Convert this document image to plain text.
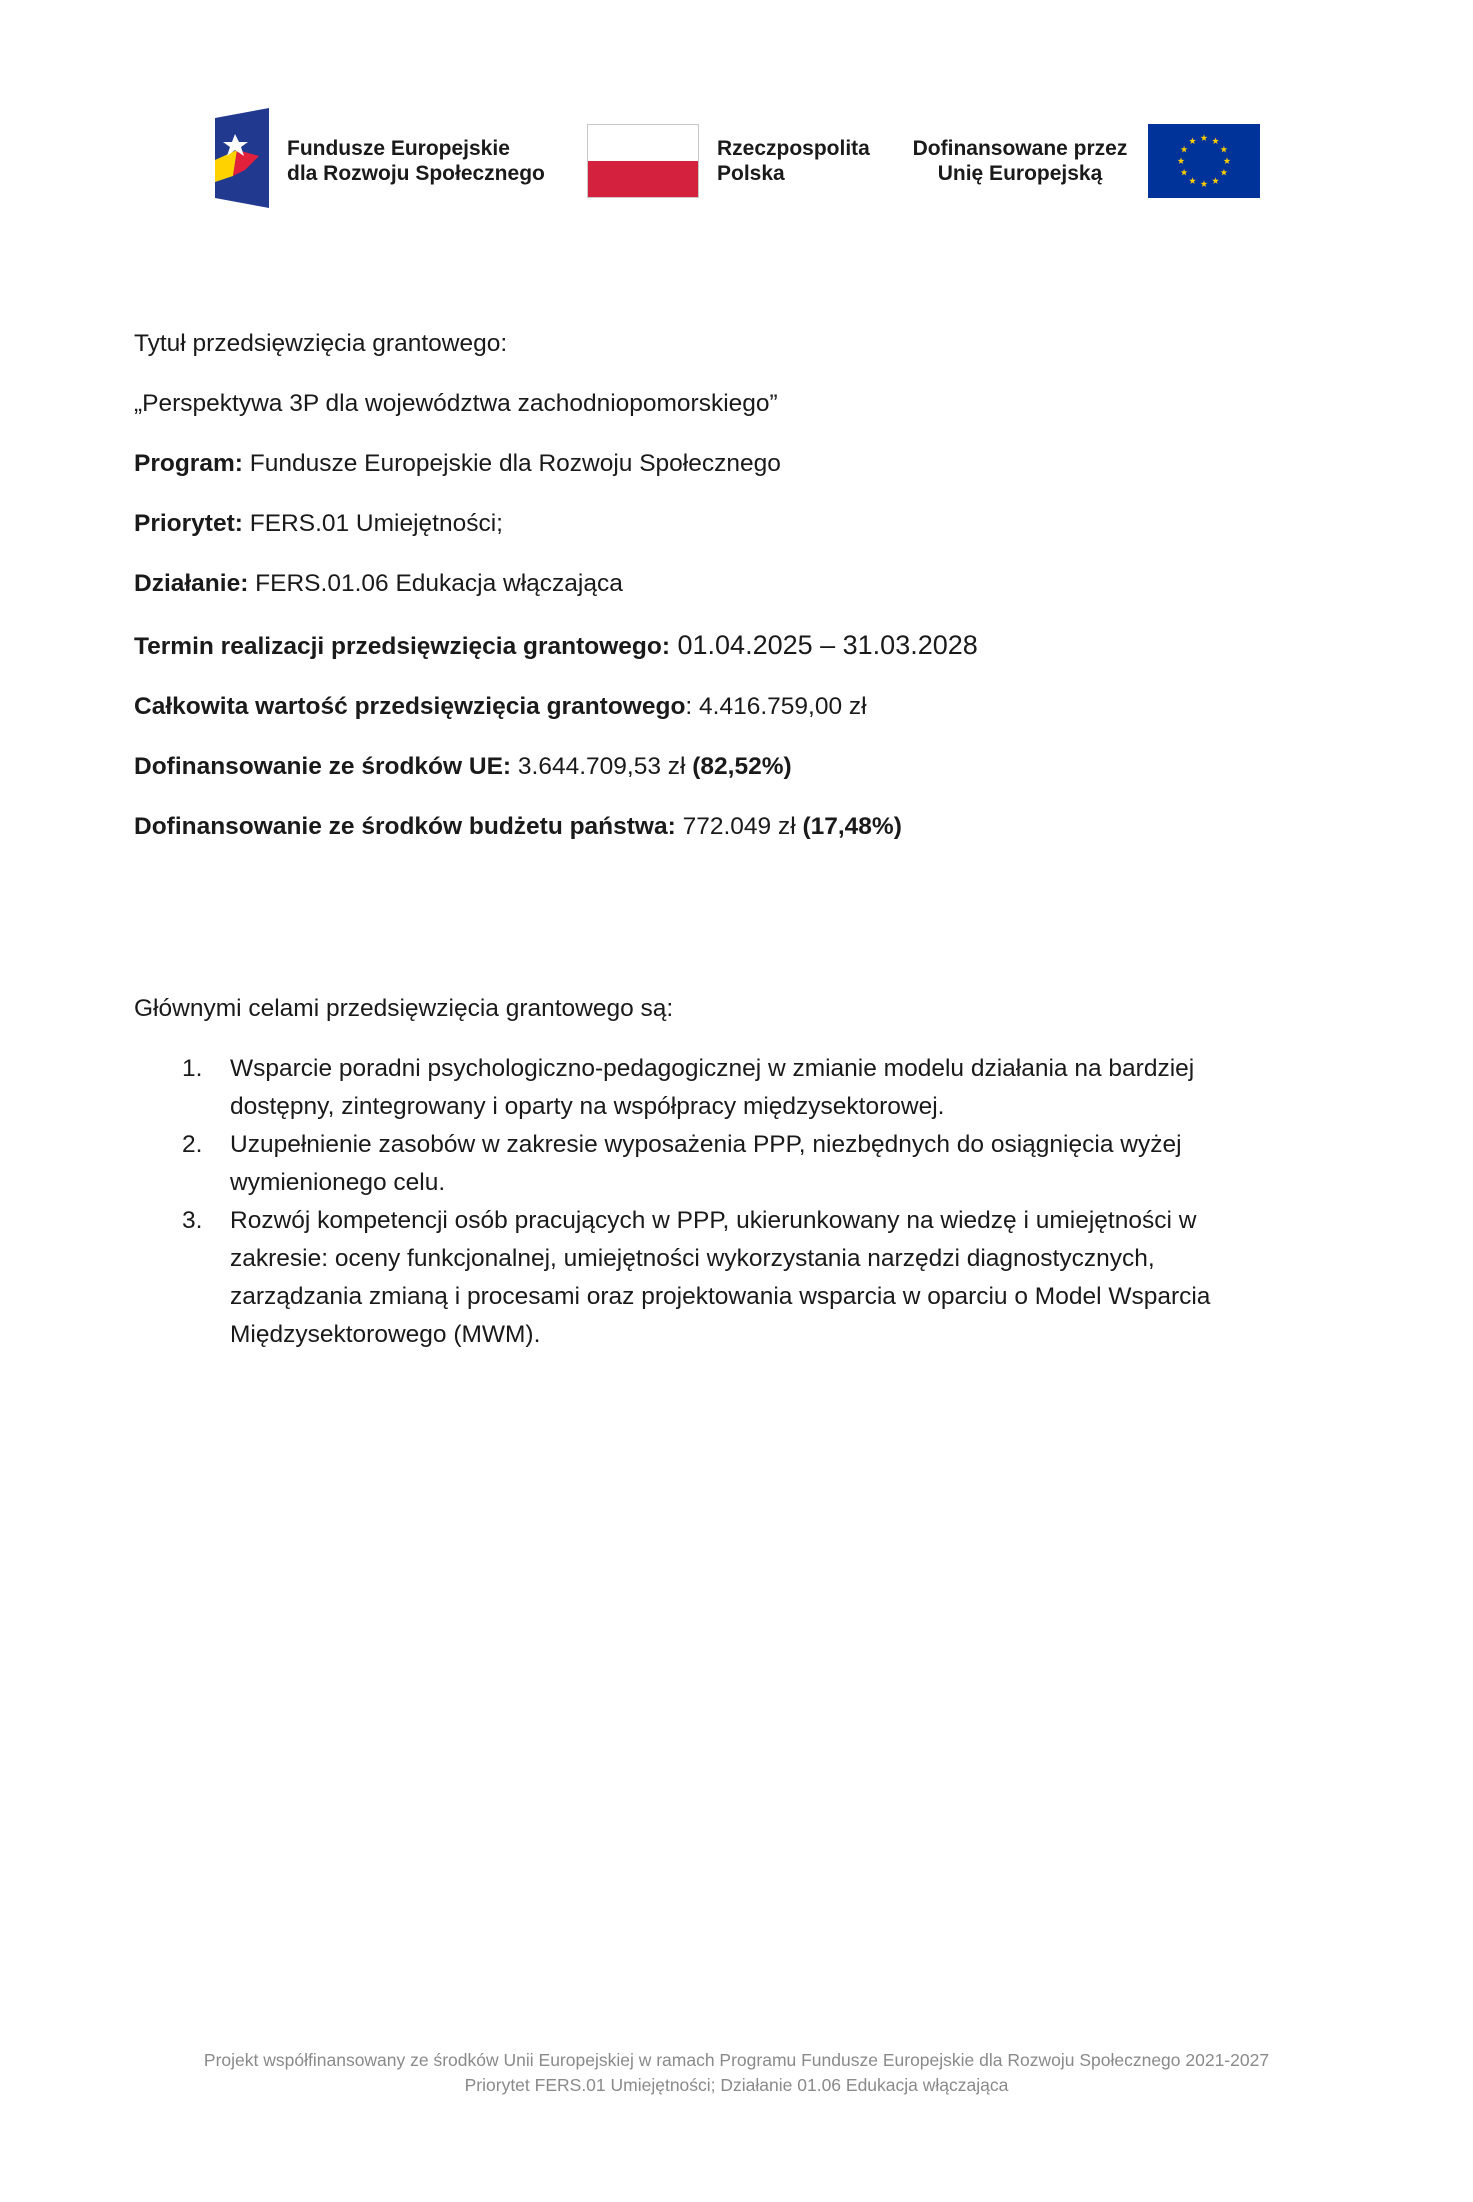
Fundusze Europejskie
dla Rozwoju Społecznego
Rzeczpospolita
Polska
Dofinansowane przez
Unię Europejską
Tytuł przedsięwzięcia grantowego:
„Perspektywa 3P dla województwa zachodniopomorskiego”
Program: Fundusze Europejskie dla Rozwoju Społecznego
Priorytet: FERS.01 Umiejętności;
Działanie: FERS.01.06 Edukacja włączająca
Termin realizacji przedsięwzięcia grantowego: 01.04.2025 – 31.03.2028
Całkowita wartość przedsięwzięcia grantowego: 4.416.759,00 zł
Dofinansowanie ze środków UE: 3.644.709,53 zł (82,52%)
Dofinansowanie ze środków budżetu państwa: 772.049 zł (17,48%)
Głównymi celami przedsięwzięcia grantowego są:
1. Wsparcie poradni psychologiczno-pedagogicznej w zmianie modelu działania na bardziej
dostępny, zintegrowany i oparty na współpracy międzysektorowej.
2. Uzupełnienie zasobów w zakresie wyposażenia PPP, niezbędnych do osiągnięcia wyżej
wymienionego celu.
3. Rozwój kompetencji osób pracujących w PPP, ukierunkowany na wiedzę i umiejętności w
zakresie: oceny funkcjonalnej, umiejętności wykorzystania narzędzi diagnostycznych,
zarządzania zmianą i procesami oraz projektowania wsparcia w oparciu o Model Wsparcia
Międzysektorowego (MWM).
Projekt współfinansowany ze środków Unii Europejskiej w ramach Programu Fundusze Europejskie dla Rozwoju Społecznego 2021-2027
Priorytet FERS.01 Umiejętności; Działanie 01.06 Edukacja włączająca
